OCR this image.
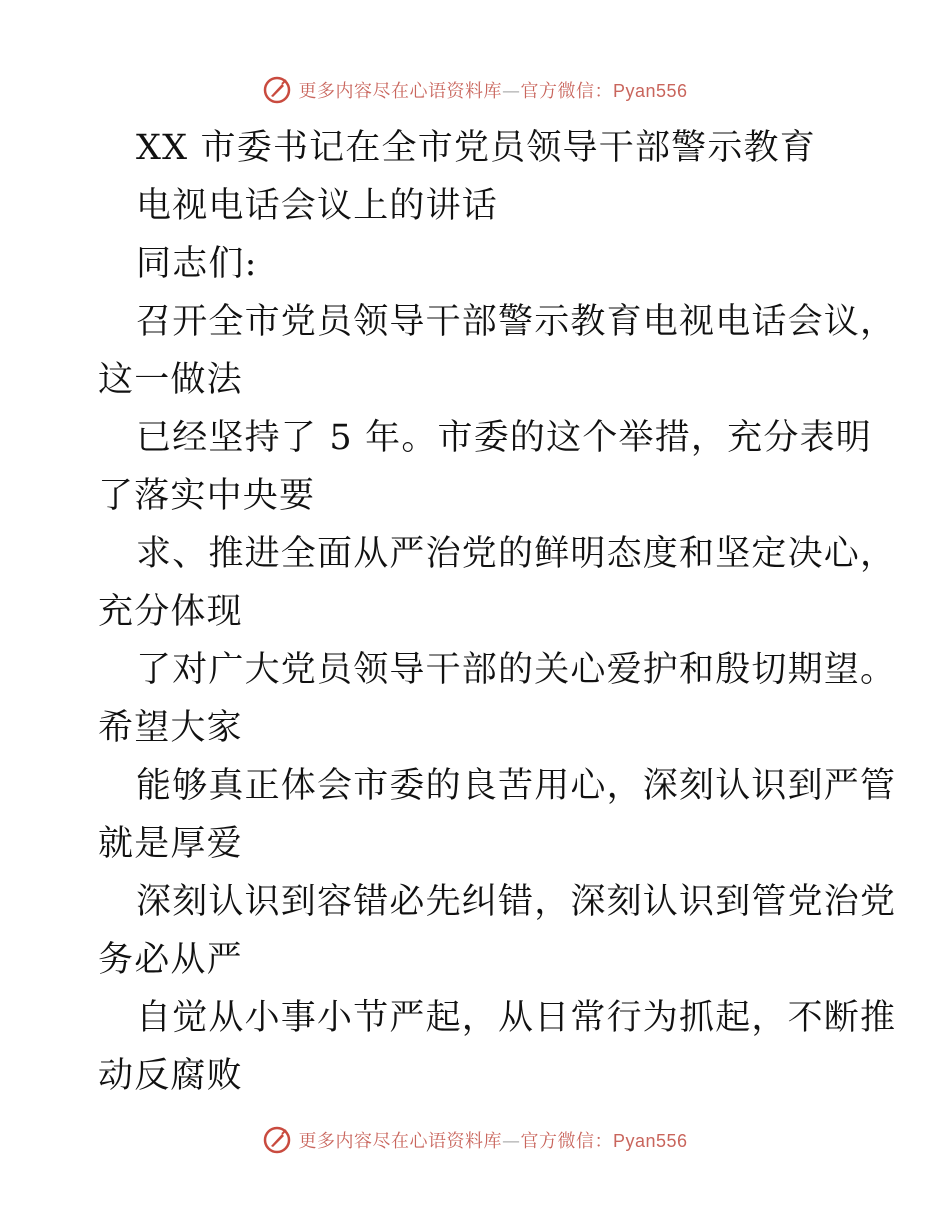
更多内容尽在心语资料库—官方微信：Pyan556
XX 市委书记在全市党员领导干部警示教育
电视电话会议上的讲话
同志们:
召开全市党员领导干部警示教育电视电话会议，
这一做法
已经坚持了 5 年。市委的这个举措，充分表明
了落实中央要
求、推进全面从严治党的鲜明态度和坚定决心，
充分体现
了对广大党员领导干部的关心爱护和殷切期望。
希望大家
能够真正体会市委的良苦用心，深刻认识到严管
就是厚爱
深刻认识到容错必先纠错，深刻认识到管党治党
务必从严
自觉从小事小节严起，从日常行为抓起，不断推
动反腐败
更多内容尽在心语资料库—官方微信：Pyan556
